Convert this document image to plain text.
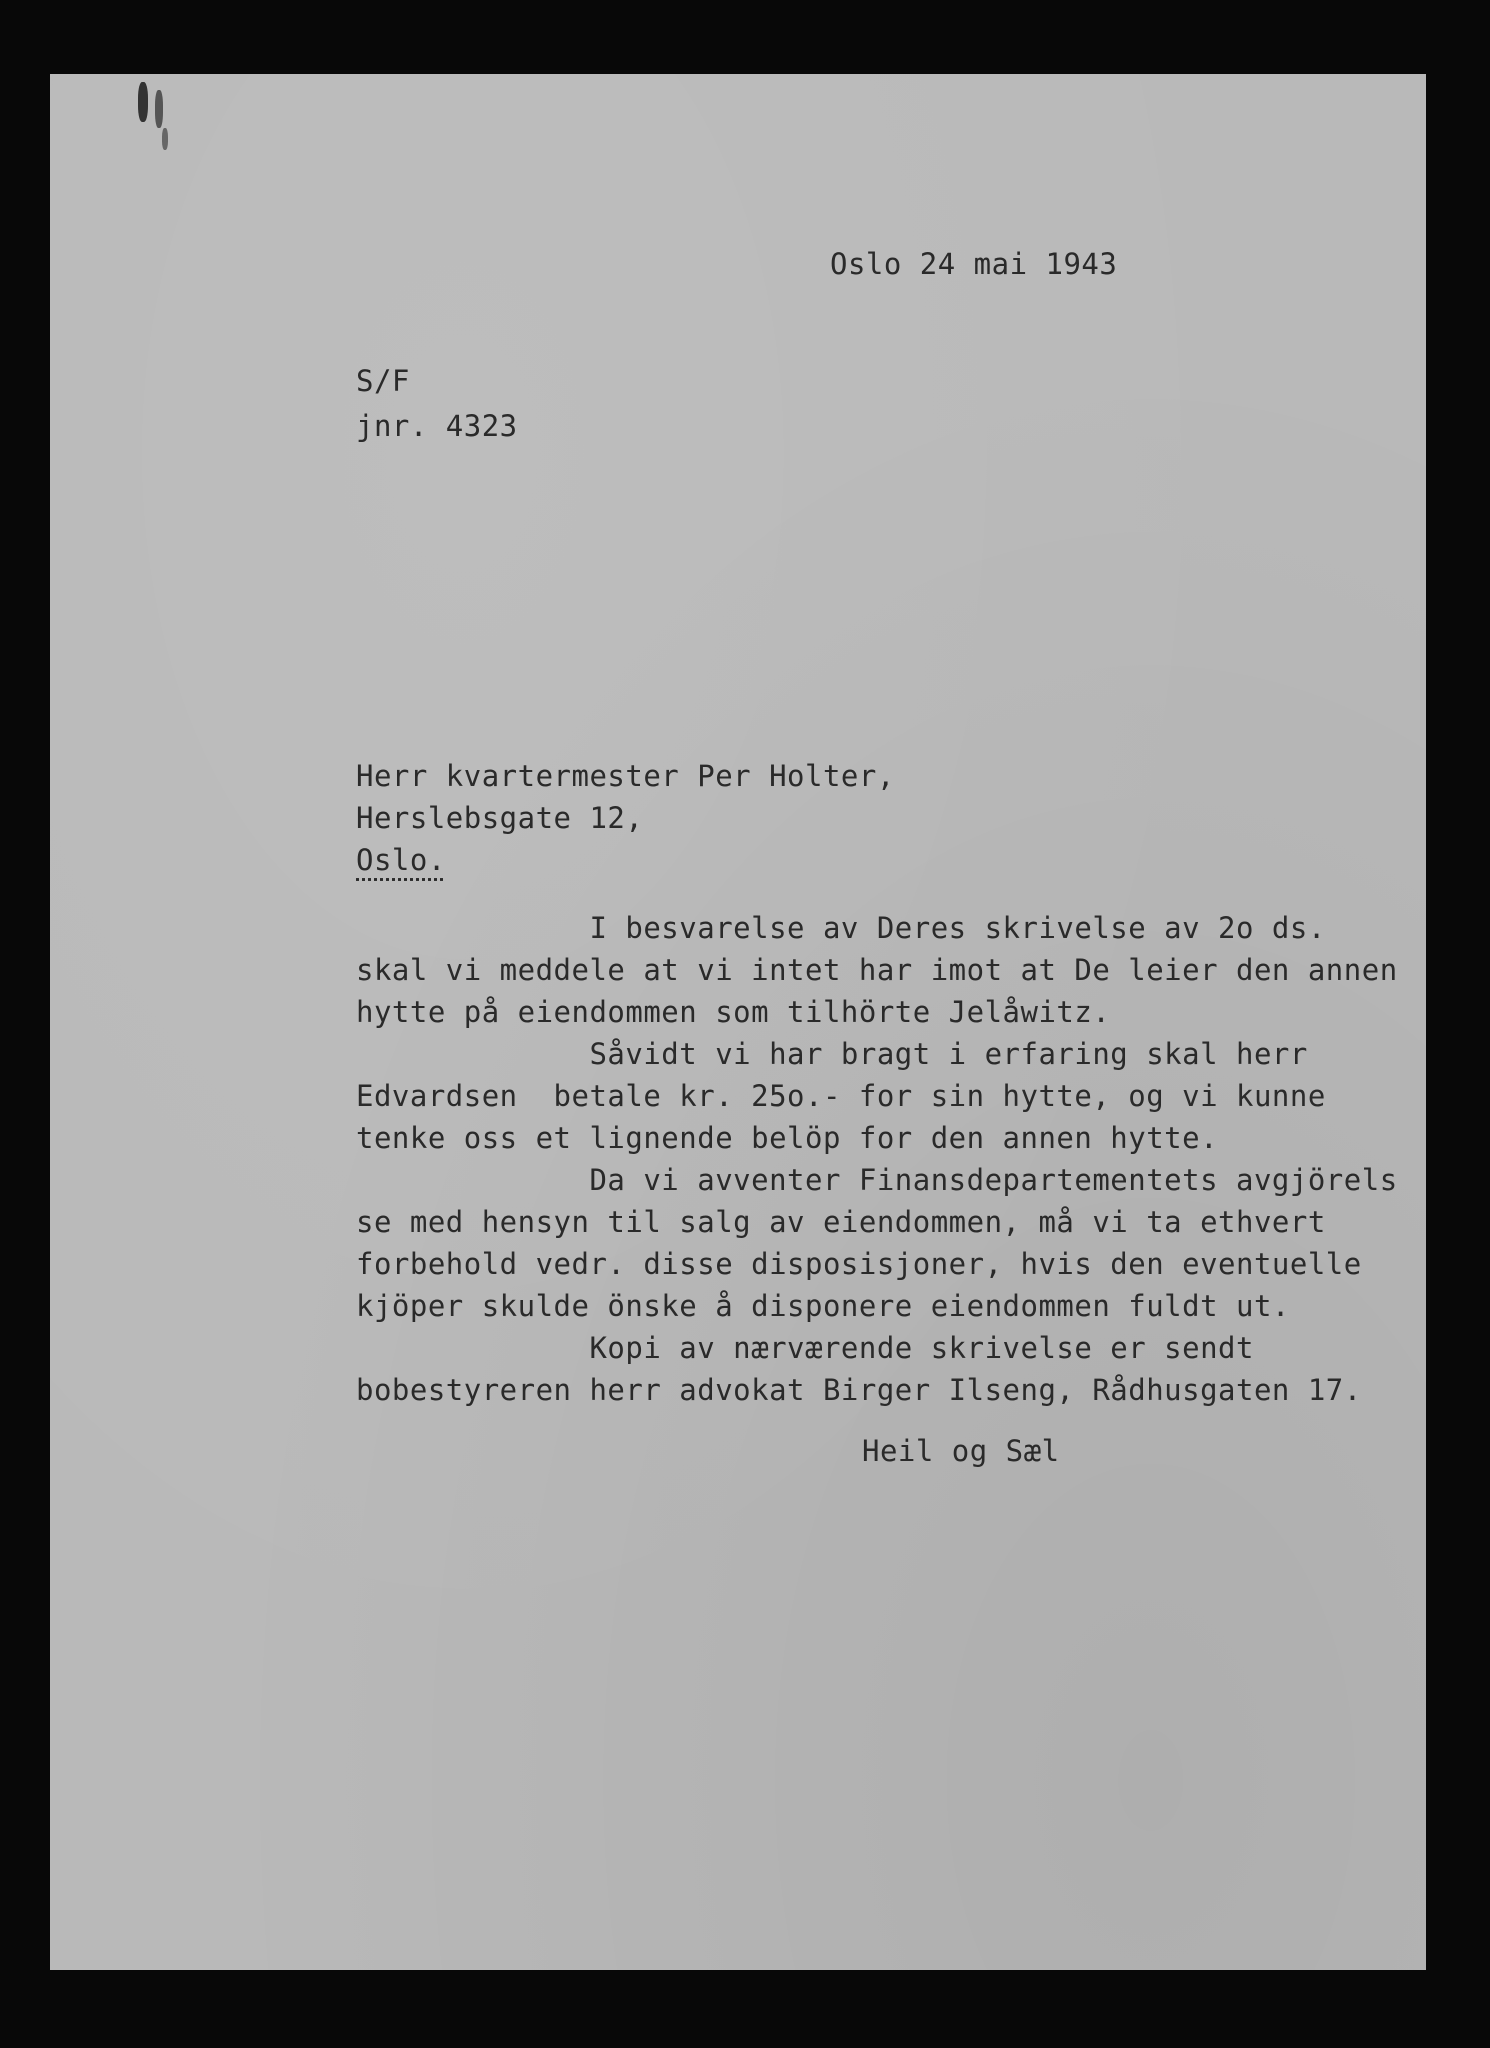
Oslo 24 mai 1943
S/F
jnr. 4323
Herr kvartermester Per Holter,
Herslebsgate 12,
Oslo.
I besvarelse av Deres skrivelse av 2o ds.
skal vi meddele at vi intet har imot at De leier den annen
hytte på eiendommen som tilhörte Jelåwitz.
Såvidt vi har bragt i erfaring skal herr
Edvardsen  betale kr. 25o.- for sin hytte, og vi kunne
tenke oss et lignende belöp for den annen hytte.
Da vi avventer Finansdepartementets avgjörels
se med hensyn til salg av eiendommen, må vi ta ethvert
forbehold vedr. disse disposisjoner, hvis den eventuelle
kjöper skulde önske å disponere eiendommen fuldt ut.
Kopi av nærværende skrivelse er sendt
bobestyreren herr advokat Birger Ilseng, Rådhusgaten 17.
Heil og Sæl
